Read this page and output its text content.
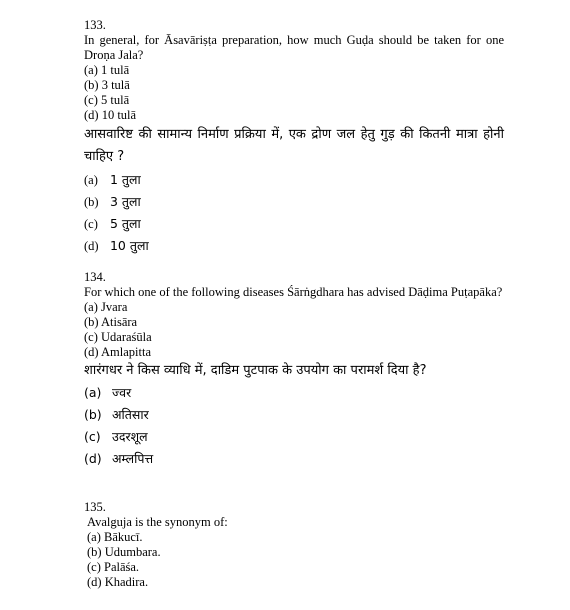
133.
In general, for Āsavāriṣṭa preparation, how much Guḍa should be taken for one Droṇa Jala?
(a) 1 tulā
(b) 3 tulā
(c) 5 tulā
(d) 10 tulā
आसवारिष्ट की सामान्य निर्माण प्रक्रिया में, एक द्रोण जल हेतु गुड़ की कितनी मात्रा होनी चाहिए ?
(a) 1 तुला
(b) 3 तुला
(c) 5 तुला
(d) 10 तुला
134.
For which one of the following diseases Śārṅgdhara has advised Dāḍima Puṭapāka?
(a) Jvara
(b) Atisāra
(c) Udaraśūla
(d) Amlapitta
शारंगधर ने किस व्याधि में, दाडिम पुटपाक के उपयोग का परामर्श दिया है?
(a) ज्वर
(b) अतिसार
(c) उदरशूल
(d) अम्लपित्त
135.
Avalguja is the synonym of:
(a) Bākucī.
(b) Udumbara.
(c) Palāśa.
(d) Khadira.
